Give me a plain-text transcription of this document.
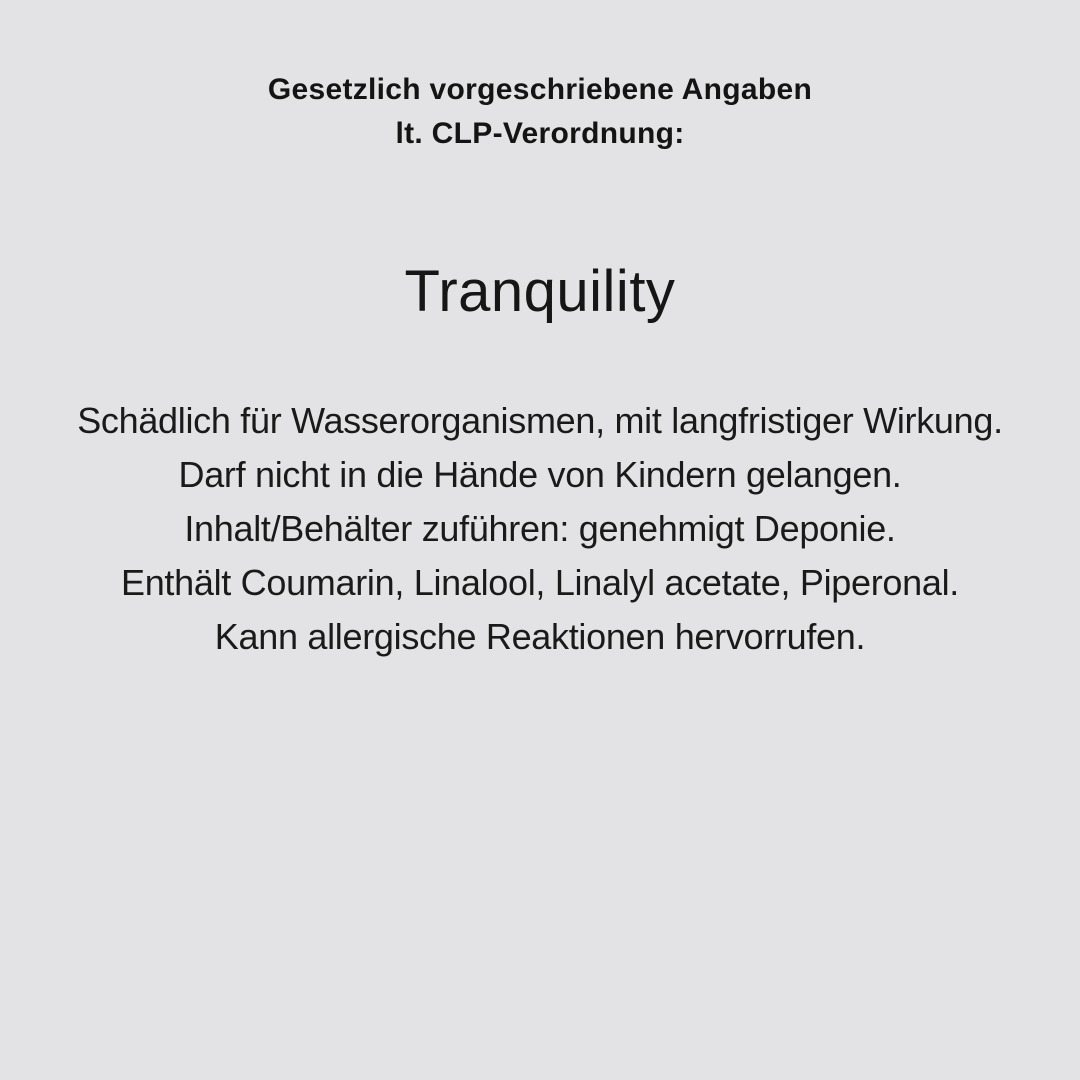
Gesetzlich vorgeschriebene Angaben
lt. CLP-Verordnung:
Tranquility
Schädlich für Wasserorganismen, mit langfristiger Wirkung.
Darf nicht in die Hände von Kindern gelangen.
Inhalt/Behälter zuführen: genehmigt Deponie.
Enthält Coumarin, Linalool, Linalyl acetate, Piperonal.
Kann allergische Reaktionen hervorrufen.
